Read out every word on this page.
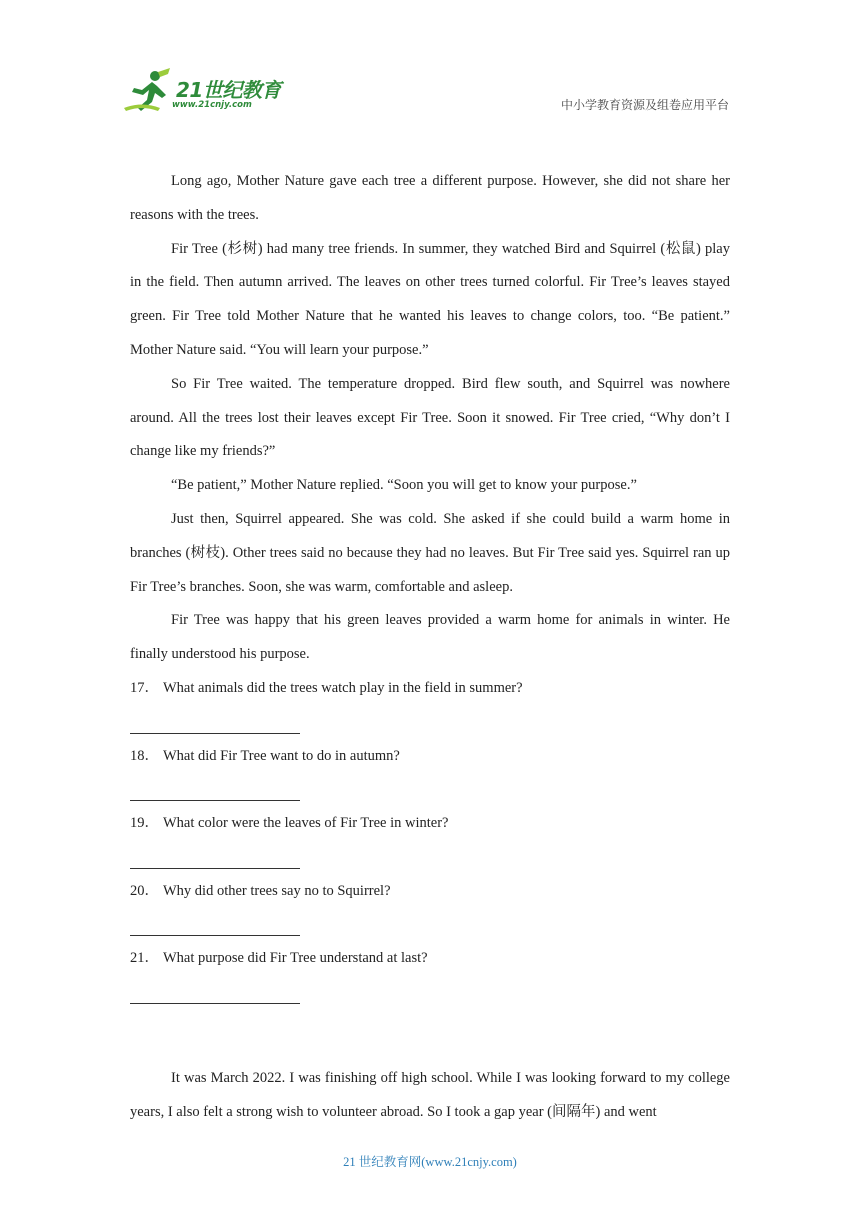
21世纪教育
www.21cnjy.com	中小学教育资源及组卷应用平台

Long ago, Mother Nature gave each tree a different purpose. However, she did not share her reasons with the trees.

Fir Tree (杉树) had many tree friends. In summer, they watched Bird and Squirrel (松鼠) play in the field. Then autumn arrived. The leaves on other trees turned colorful. Fir Tree’s leaves stayed green. Fir Tree told Mother Nature that he wanted his leaves to change colors, too. “Be patient.” Mother Nature said. “You will learn your purpose.”

So Fir Tree waited. The temperature dropped. Bird flew south, and Squirrel was nowhere around. All the trees lost their leaves except Fir Tree. Soon it snowed. Fir Tree cried, “Why don’t I change like my friends?”

“Be patient,” Mother Nature replied. “Soon you will get to know your purpose.”

Just then, Squirrel appeared. She was cold. She asked if she could build a warm home in branches (树枝). Other trees said no because they had no leaves. But Fir Tree said yes. Squirrel ran up Fir Tree’s branches. Soon, she was warm, comfortable and asleep.

Fir Tree was happy that his green leaves provided a warm home for animals in winter. He finally understood his purpose.

17． What animals did the trees watch play in the field in summer?
18． What did Fir Tree want to do in autumn?
19． What color were the leaves of Fir Tree in winter?
20． Why did other trees say no to Squirrel?
21． What purpose did Fir Tree understand at last?

It was March 2022. I was finishing off high school. While I was looking forward to my college years, I also felt a strong wish to volunteer abroad. So I took a gap year (间隔年) and went

21 世纪教育网(www.21cnjy.com)
